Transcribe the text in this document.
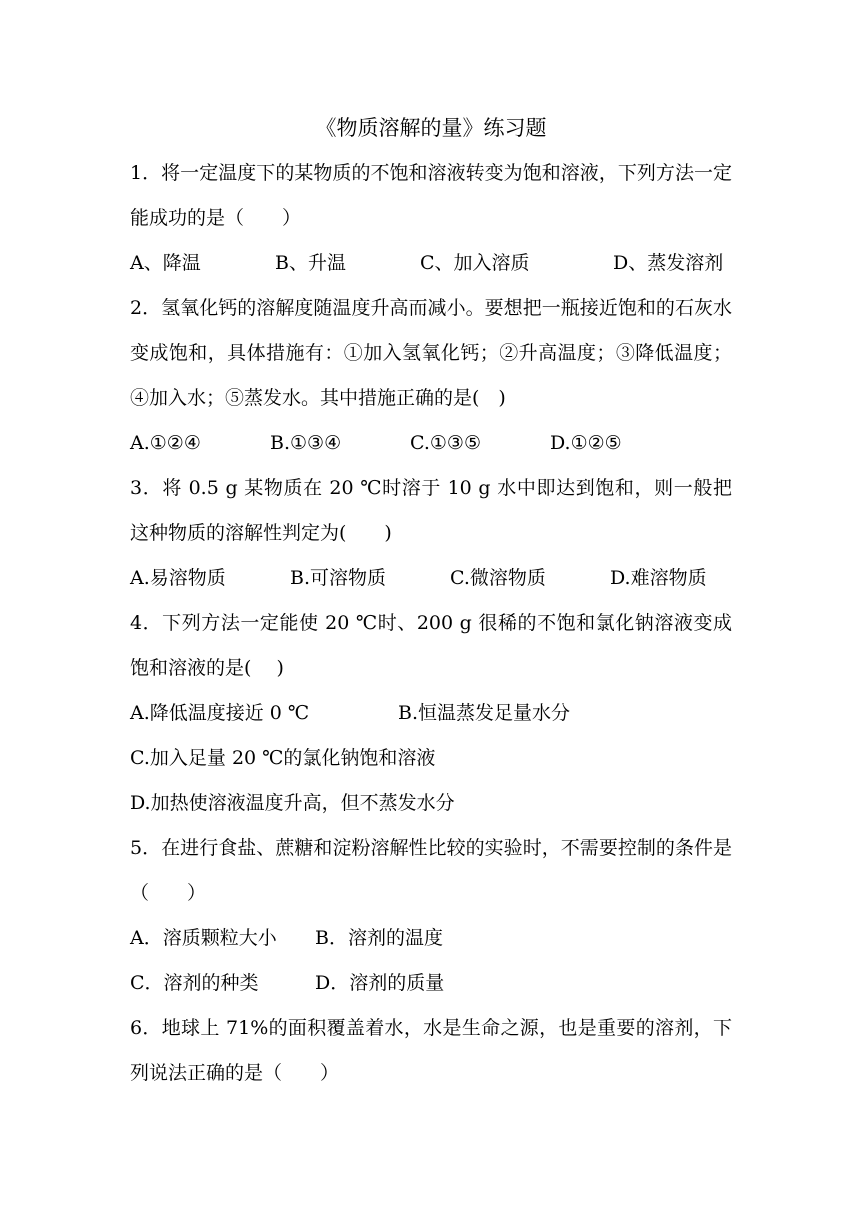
《物质溶解的量》练习题

1．将一定温度下的某物质的不饱和溶液转变为饱和溶液，下列方法一定能成功的是（　　）

A、降温	B、升温	C、加入溶质	D、蒸发溶剂

2．氢氧化钙的溶解度随温度升高而减小。要想把一瓶接近饱和的石灰水变成饱和，具体措施有：①加入氢氧化钙；②升高温度；③降低温度；④加入水；⑤蒸发水。其中措施正确的是(　)

A.①②④	B.①③④	C.①③⑤	D.①②⑤

3．将 0.5 g 某物质在 20 ℃时溶于 10 g 水中即达到饱和，则一般把这种物质的溶解性判定为(　　)

A.易溶物质	B.可溶物质	C.微溶物质	D.难溶物质

4．下列方法一定能使 20 ℃时、200 g 很稀的不饱和氯化钠溶液变成饱和溶液的是(　 )

A.降低温度接近 0 ℃	B.恒温蒸发足量水分

C.加入足量 20 ℃的氯化钠饱和溶液

D.加热使溶液温度升高，但不蒸发水分

5．在进行食盐、蔗糖和淀粉溶解性比较的实验时，不需要控制的条件是（　　）

A．溶质颗粒大小	B．溶剂的温度
C．溶剂的种类	D．溶剂的质量

6．地球上 71%的面积覆盖着水，水是生命之源，也是重要的溶剂，下列说法正确的是（　　）
